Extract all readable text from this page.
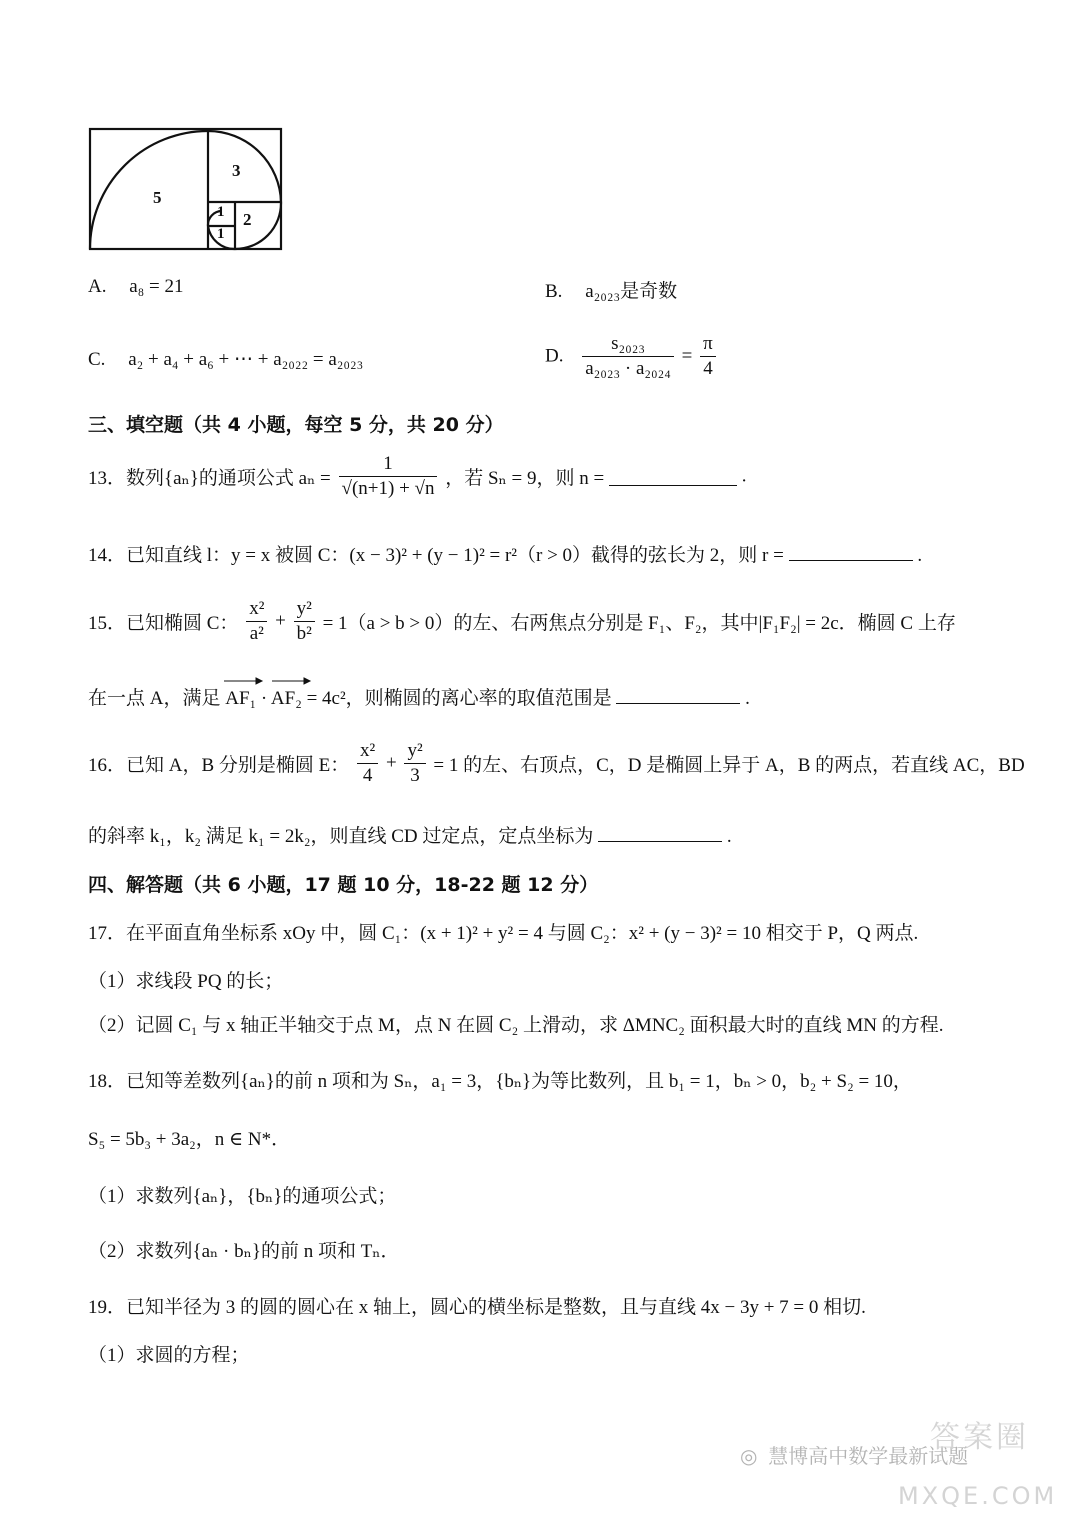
5
3
2
1
1
A. a₈ = 21	B. a₂₀₂₃是奇数
C. a₂ + a₄ + a₆ + ⋯ + a₂₀₂₂ = a₂₀₂₃	D. $\frac{\text{s₂₀₂₃}}{\text{a₂₀₂₃ · a₂₀₂₄}} = \frac{\pi}{4}$
三、填空题（共 4 小题，每空 5 分，共 20 分）
13．数列{aₙ}的通项公式 $a_n = \frac{1}{√(n+1) + √n}$ ，若 Sₙ = 9，则 n =	.
14．已知直线 l：y = x 被圆 C：(x − 3)² + (y − 1)² = r²（r > 0）截得的弦长为 2，则 r =	.
15．已知椭圆 C： $\frac{\text{x²}}{\text{a²}} + \frac{\text{y²}}{\text{b²}} = 1(a > b > 0)$的左、右两焦点分别是 F₁、F₂，其中|F₁F₂| = 2c．椭圆 C 上存
在一点 A，满足 AF₁ · AF₂ = 4c²，则椭圆的离心率的取值范围是	.
16．已知 A，B 分别是椭圆 E： $\frac{\text{x²}}{4} + \frac{\text{y²}}{3} = 1$ 的左、右顶点，C，D 是椭圆上异于 A，B 的两点，若直线 AC，BD
的斜率 k₁，k₂ 满足 k₁ = 2k₂，则直线 CD 过定点，定点坐标为	.
四、解答题（共 6 小题，17 题 10 分，18-22 题 12 分）
17．在平面直角坐标系 xOy 中，圆 C₁：(x + 1)² + y² = 4 与圆 C₂：x² + (y − 3)² = 10 相交于 P，Q 两点.
（1）求线段 PQ 的长；
（2）记圆 C₁ 与 x 轴正半轴交于点 M，点 N 在圆 C₂ 上滑动，求 ΔMNC₂ 面积最大时的直线 MN 的方程.
18．已知等差数列{aₙ}的前 n 项和为 Sₙ，a₁ = 3，{bₙ}为等比数列，且 b₁ = 1，bₙ > 0，b₂ + S₂ = 10，
S₅ = 5b₃ + 3a₂，n ∈ N*．
（1）求数列{aₙ}，{bₙ}的通项公式；
（2）求数列{aₙ · bₙ}的前 n 项和 Tₙ．
19．已知半径为 3 的圆的圆心在 x 轴上，圆心的横坐标是整数，且与直线 4x − 3y + 7 = 0 相切.
（1）求圆的方程；
◎ 慧博高中数学最新试题
答案圈
MXQE.COM
